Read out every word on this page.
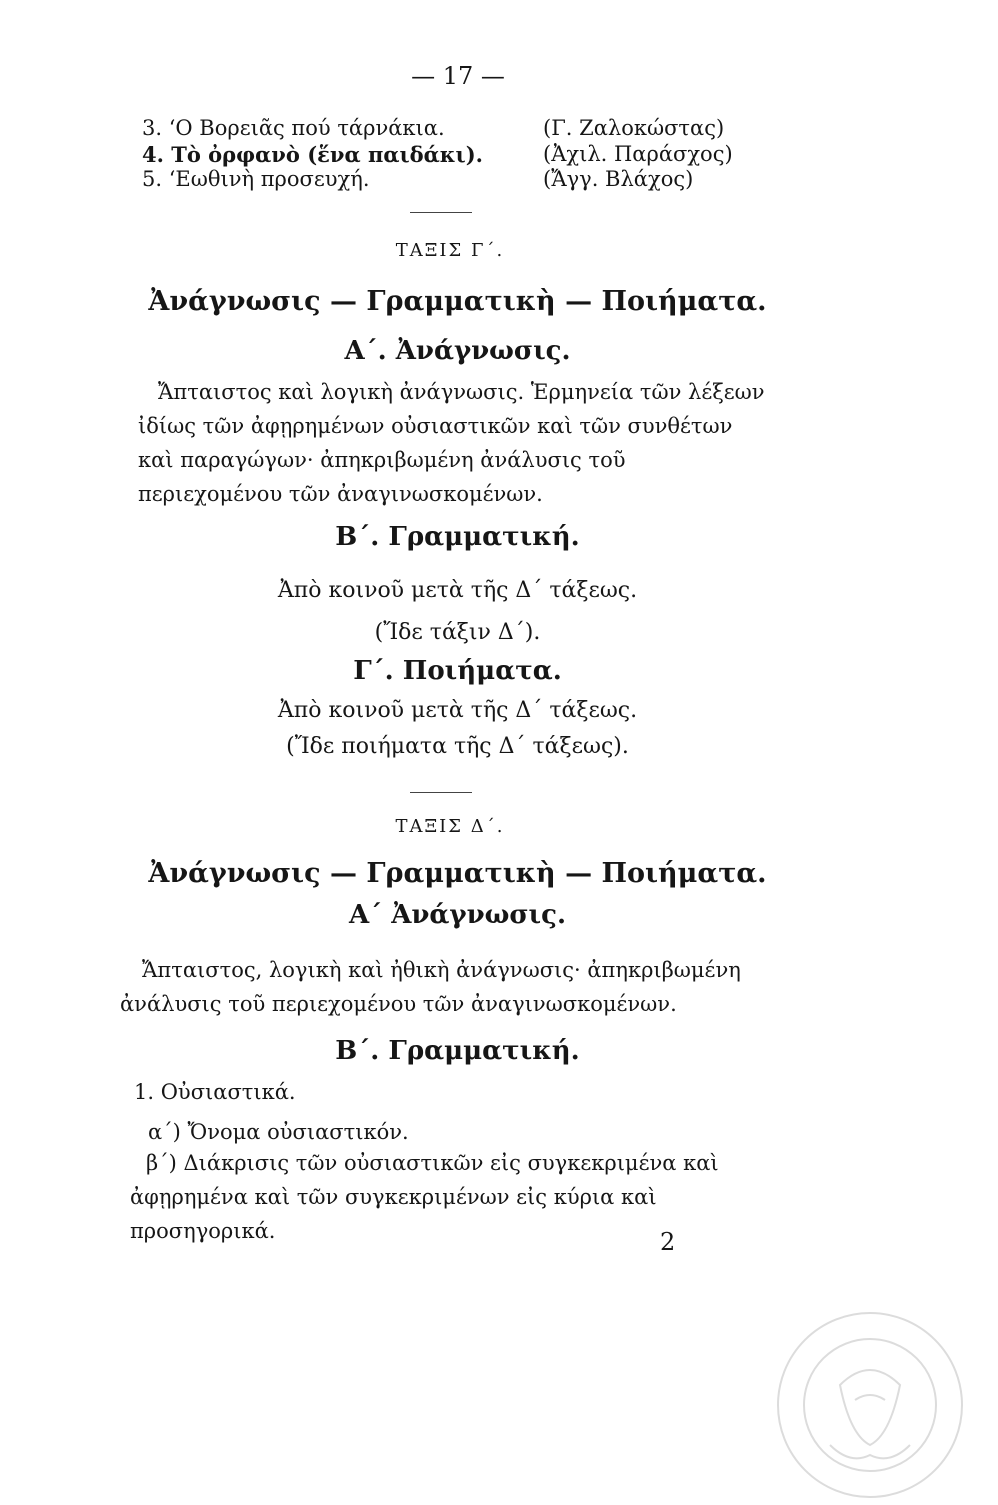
— 17 —
3. ‘Ο Βορειᾶς πού τάρνάκια.	(Γ. Ζαλοκώστας)
4. Τὸ ὀρφανὸ (ἕνα παιδάκι).	(Ἀχιλ. Παράσχος)
5. ‘Εωθινὴ προσευχή.	(Ἄγγ. Βλάχος)
ΤΑΞΙΣ Γ΄.
Ἀνάγνωσις — Γραμματικὴ — Ποιήματα.
Α΄. Ἀνάγνωσις.
Ἄπταιστος καὶ λογικὴ ἀνάγνωσις. Ἑρμηνεία τῶν λέξεων ἰδίως τῶν ἀφῃρημένων οὐσιαστικῶν καὶ τῶν συνθέτων καὶ παραγώγων· ἀπηκριβωμένη ἀνάλυσις τοῦ περιεχομένου τῶν ἀναγινωσκομένων.
Β΄. Γραμματική.
Ἀπὸ κοινοῦ μετὰ τῆς Δ΄ τάξεως.
(Ἴδε τάξιν Δ΄).
Γ΄. Ποιήματα.
Ἀπὸ κοινοῦ μετὰ τῆς Δ΄ τάξεως.
(Ἴδε ποιήματα τῆς Δ΄ τάξεως).
ΤΑΞΙΣ Δ΄.
Ἀνάγνωσις — Γραμματικὴ — Ποιήματα.
Α΄ Ἀνάγνωσις.
Ἄπταιστος, λογικὴ καὶ ἠθικὴ ἀνάγνωσις· ἀπηκριβωμένη ἀνάλυσις τοῦ περιεχομένου τῶν ἀναγινωσκομένων.
Β΄. Γραμματική.
1. Οὐσιαστικά.
α΄) Ὄνομα οὐσιαστικόν.
β΄) Διάκρισις τῶν οὐσιαστικῶν εἰς συγκεκριμένα καὶ ἀφῃρημένα καὶ τῶν συγκεκριμένων εἰς κύρια καὶ προσηγορικά.	2
